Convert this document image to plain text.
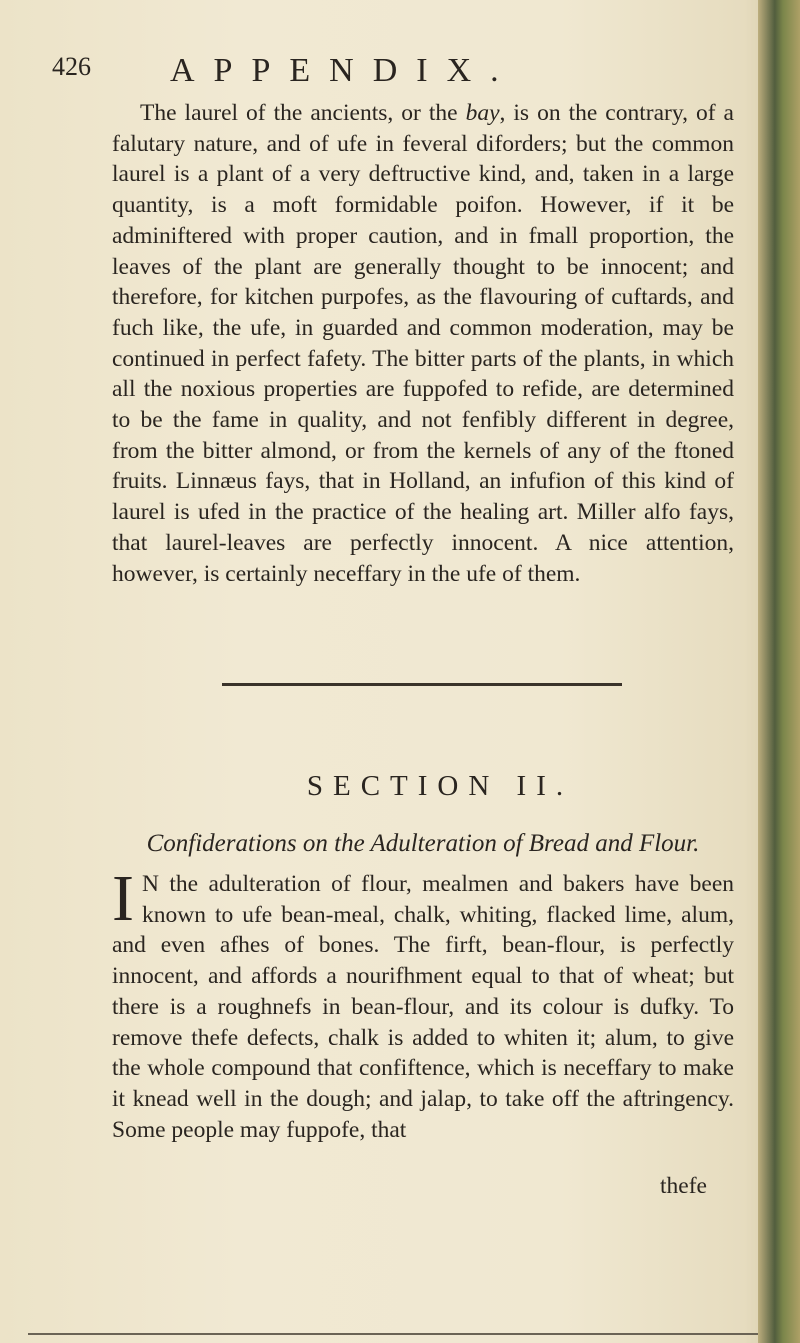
426 APPENDIX.
The laurel of the ancients, or the bay, is on the contrary, of a falutary nature, and of ufe in feveral diforders; but the common laurel is a plant of a very deftructive kind, and, taken in a large quantity, is a moft formidable poifon. However, if it be adminiftered with proper caution, and in fmall proportion, the leaves of the plant are generally thought to be innocent; and therefore, for kitchen purpofes, as the flavouring of cuftards, and fuch like, the ufe, in guarded and common moderation, may be continued in perfect fafety. The bitter parts of the plants, in which all the noxious properties are fuppofed to refide, are determined to be the fame in quality, and not fenfibly different in degree, from the bitter almond, or from the kernels of any of the ftoned fruits. Linnæus fays, that in Holland, an infufion of this kind of laurel is ufed in the practice of the healing art. Miller alfo fays, that laurel-leaves are perfectly innocent. A nice attention, however, is certainly neceffary in the ufe of them.
SECTION II.
Confiderations on the Adulteration of Bread and Flour.
I N the adulteration of flour, mealmen and bakers have been known to ufe bean-meal, chalk, whiting, flacked lime, alum, and even afhes of bones. The firft, bean-flour, is perfectly innocent, and affords a nourifhment equal to that of wheat; but there is a roughnefs in bean-flour, and its colour is dufky. To remove thefe defects, chalk is added to whiten it; alum, to give the whole compound that confiftence, which is neceffary to make it knead well in the dough; and jalap, to take off the aftringency. Some people may fuppofe, that
thefe
